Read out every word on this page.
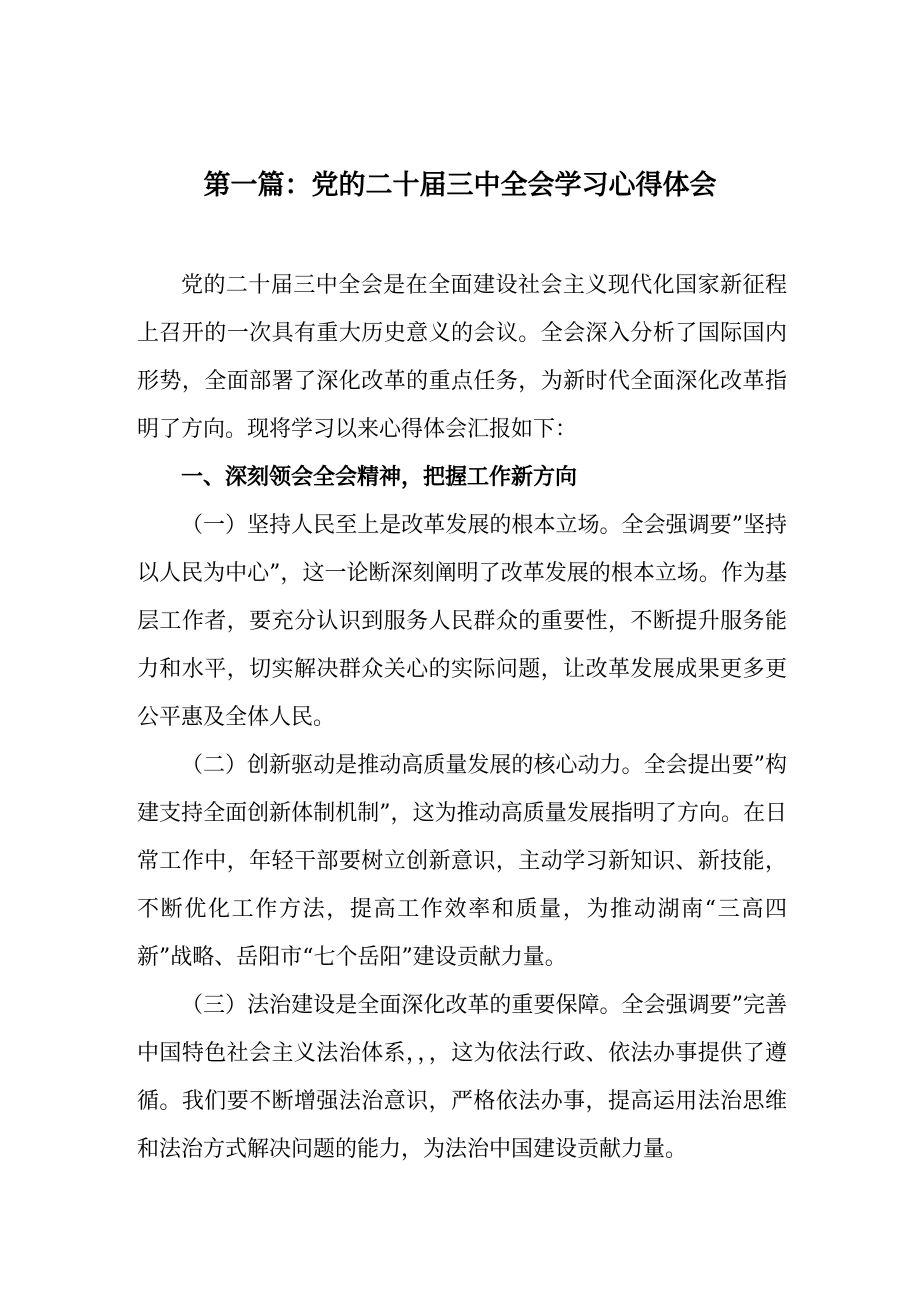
第一篇：党的二十届三中全会学习心得体会

党的二十届三中全会是在全面建设社会主义现代化国家新征程上召开的一次具有重大历史意义的会议。全会深入分析了国际国内形势，全面部署了深化改革的重点任务，为新时代全面深化改革指明了方向。现将学习以来心得体会汇报如下：

一、深刻领会全会精神，把握工作新方向

（一）坚持人民至上是改革发展的根本立场。全会强调要”坚持以人民为中心”，这一论断深刻阐明了改革发展的根本立场。作为基层工作者，要充分认识到服务人民群众的重要性，不断提升服务能力和水平，切实解决群众关心的实际问题，让改革发展成果更多更公平惠及全体人民。

（二）创新驱动是推动高质量发展的核心动力。全会提出要”构建支持全面创新体制机制”，这为推动高质量发展指明了方向。在日常工作中，年轻干部要树立创新意识，主动学习新知识、新技能，不断优化工作方法，提高工作效率和质量，为推动湖南“三高四新”战略、岳阳市“七个岳阳”建设贡献力量。

（三）法治建设是全面深化改革的重要保障。全会强调要”完善中国特色社会主义法治体系，，，这为依法行政、依法办事提供了遵循。我们要不断增强法治意识，严格依法办事，提高运用法治思维和法治方式解决问题的能力，为法治中国建设贡献力量。
